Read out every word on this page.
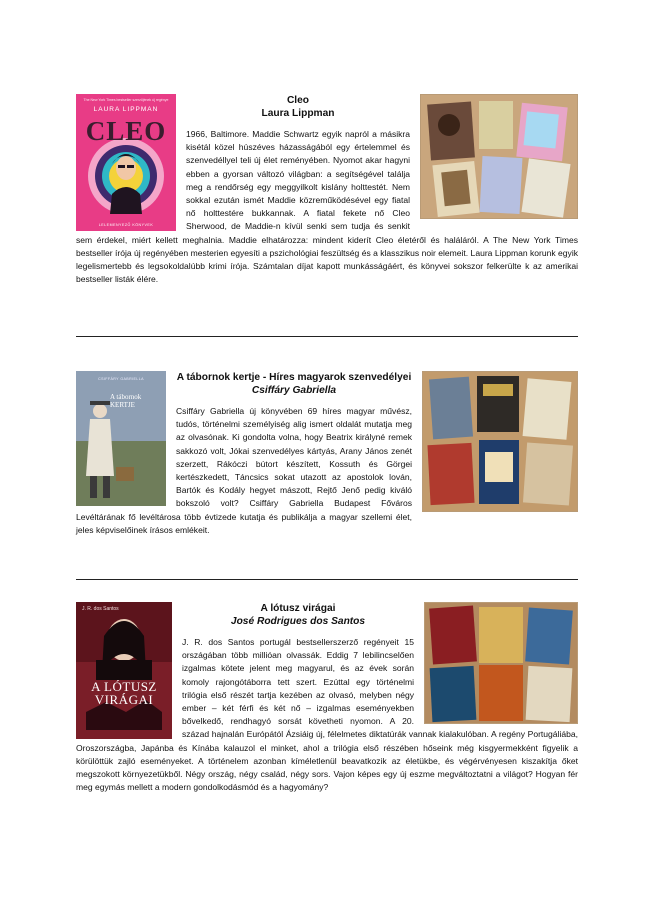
The New York Times bestseller szerzőjének új regénye
LAURA LIPPMAN
CLEO
LELEMENYEZŐ KÖNYVEK
Cleo
Laura Lippman

1966, Baltimore. Maddie Schwartz egyik napról a másikra kisétál közel húszéves házasságából egy értelemmel és szenvedéllyel teli új élet reményében. Nyomot akar hagyni ebben a gyorsan változó világban: a segítségével találja meg a rendőrség egy meggyilkolt kislány holttestét. Nem sokkal ezután ismét Maddie közreműködésével egy fiatal nő holttestére bukkannak. A fiatal fekete nő Cleo Sherwood, de Maddie-n kívül senki sem tudja és senkit sem érdekel, miért kellett meghalnia. Maddie elhatározza: mindent kiderít Cleo életéről és haláláról. A The New York Times bestseller írója új regényében mesterien egyesíti a pszichológiai feszültség és a klasszikus noir elemeit. Laura Lippman korunk egyik legelismertebb és legsokoldalúbb krimi írója. Számtalan díjat kapott munkásságáért, és könyvei sokszor felkerülte k az amerikai bestseller listák élére.

CSIFFÁRY GABRIELLA
A tábornok
KERTJE
A tábornok kertje - Híres magyarok szenvedélyei
Csiffáry Gabriella

Csiffáry Gabriella új könyvében 69 híres magyar művész, tudós, történelmi személyiség alig ismert oldalát mutatja meg az olvasónak. Ki gondolta volna, hogy Beatrix királyné remek sakkozó volt, Jókai szenvedélyes kártyás, Arany János zenét szerzett, Rákóczi bútort készített, Kossuth és Görgei kertészkedett, Táncsics sokat utazott az apostolok lován, Bartók és Kodály hegyet mászott, Rejtő Jenő pedig kiváló bokszoló volt? Csiffáry Gabriella Budapest Főváros Levéltárának fő levéltárosa több évtizede kutatja és publikálja a magyar szellemi élet, jeles képviselőinek írásos emlékeit.

J. R. dos Santos
A LÓTUSZ
VIRÁGAI
A lótusz virágai
José Rodrigues dos Santos

J. R. dos Santos portugál bestsellerszerző regényeit 15 országában több millióan olvassák. Eddig 7 lebilincselően izgalmas kötete jelent meg magyarul, és az évek során komoly rajongótáborra tett szert. Ezúttal egy történelmi trilógia első részét tartja kezében az olvasó, melyben négy ember – két férfi és két nő – izgalmas eseményekben bővelkedő, rendhagyó sorsát követheti nyomon. A 20. század hajnalán Európától Ázsiáig új, félelmetes diktatúrák vannak kialakulóban. A regény Portugáliába, Oroszországba, Japánba és Kínába kalauzol el minket, ahol a trilógia első részében hőseink még kisgyermekként figyelik a körülöttük zajló eseményeket. A történelem azonban kíméletlenül beavatkozik az életükbe, és végérvényesen kiszakítja őket megszokott környezetükből. Négy ország, négy család, négy sors. Vajon képes egy új eszme megváltoztatni a világot? Hogyan fér meg egymás mellett a modern gondolkodásmód és a hagyomány?
